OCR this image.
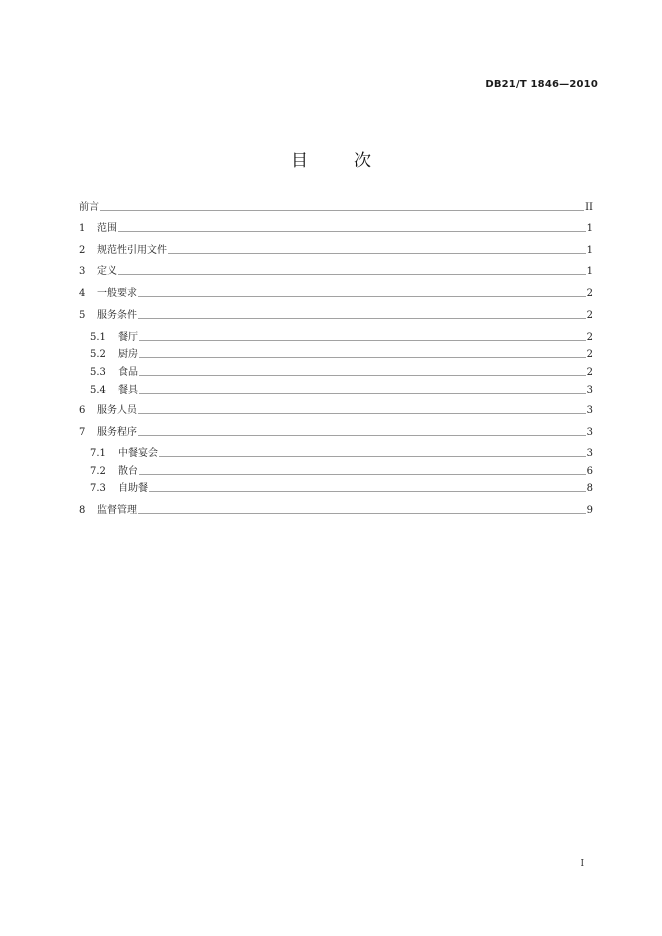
DB21/T 1846—2010
目	次
前言	II
1	范围	1
2	规范性引用文件	1
3	定义	1
4	一般要求	2
5	服务条件	2
5.1	餐厅	2
5.2	厨房	2
5.3	食品	2
5.4	餐具	3
6	服务人员	3
7	服务程序	3
7.1	中餐宴会	3
7.2	散台	6
7.3	自助餐	8
8	监督管理	9
I
